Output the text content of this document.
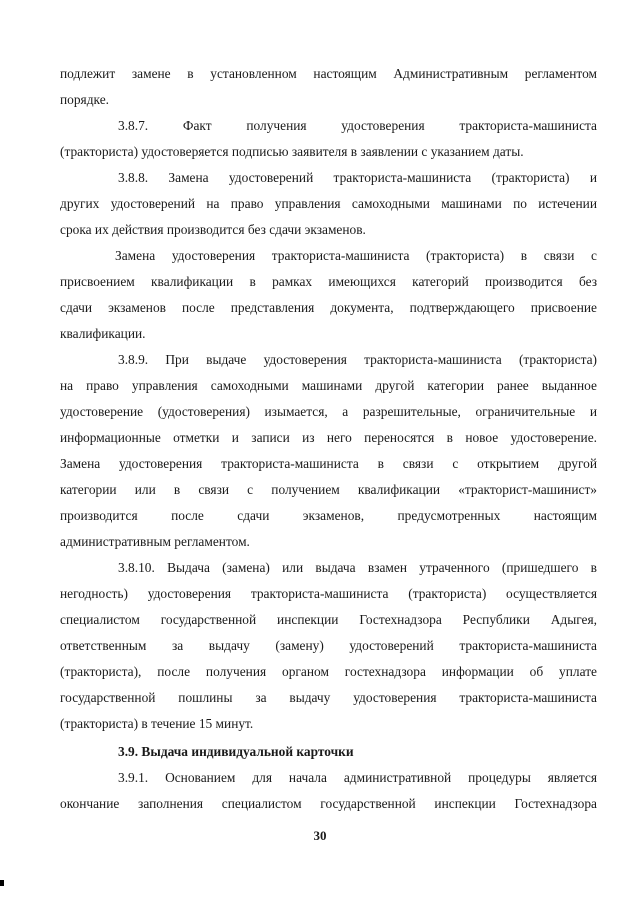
подлежит замене в установленном настоящим Административным регламентом
порядке.
3.8.7. Факт получения удостоверения тракториста-машиниста
(тракториста) удостоверяется подписью заявителя в заявлении с указанием даты.
3.8.8. Замена удостоверений тракториста-машиниста (тракториста) и
других удостоверений на право управления самоходными машинами по истечении
срока их действия производится без сдачи экзаменов.
Замена удостоверения тракториста-машиниста (тракториста) в связи с
присвоением квалификации в рамках имеющихся категорий производится без
сдачи экзаменов после представления документа, подтверждающего присвоение
квалификации.
3.8.9. При выдаче удостоверения тракториста-машиниста (тракториста)
на право управления самоходными машинами другой категории ранее выданное
удостоверение (удостоверения) изымается, а разрешительные, ограничительные и
информационные отметки и записи из него переносятся в новое удостоверение.
Замена удостоверения тракториста-машиниста в связи с открытием другой
категории или в связи с получением квалификации «тракторист-машинист»
производится после сдачи экзаменов, предусмотренных настоящим
административным регламентом.
3.8.10. Выдача (замена) или выдача взамен утраченного (пришедшего в
негодность) удостоверения тракториста-машиниста (тракториста) осуществляется
специалистом государственной инспекции Гостехнадзора Республики Адыгея,
ответственным за выдачу (замену) удостоверений тракториста-машиниста
(тракториста), после получения органом гостехнадзора информации об уплате
государственной пошлины за выдачу удостоверения тракториста-машиниста
(тракториста) в течение 15 минут.
3.9. Выдача индивидуальной карточки
3.9.1. Основанием для начала административной процедуры является
окончание заполнения специалистом государственной инспекции Гостехнадзора
30
